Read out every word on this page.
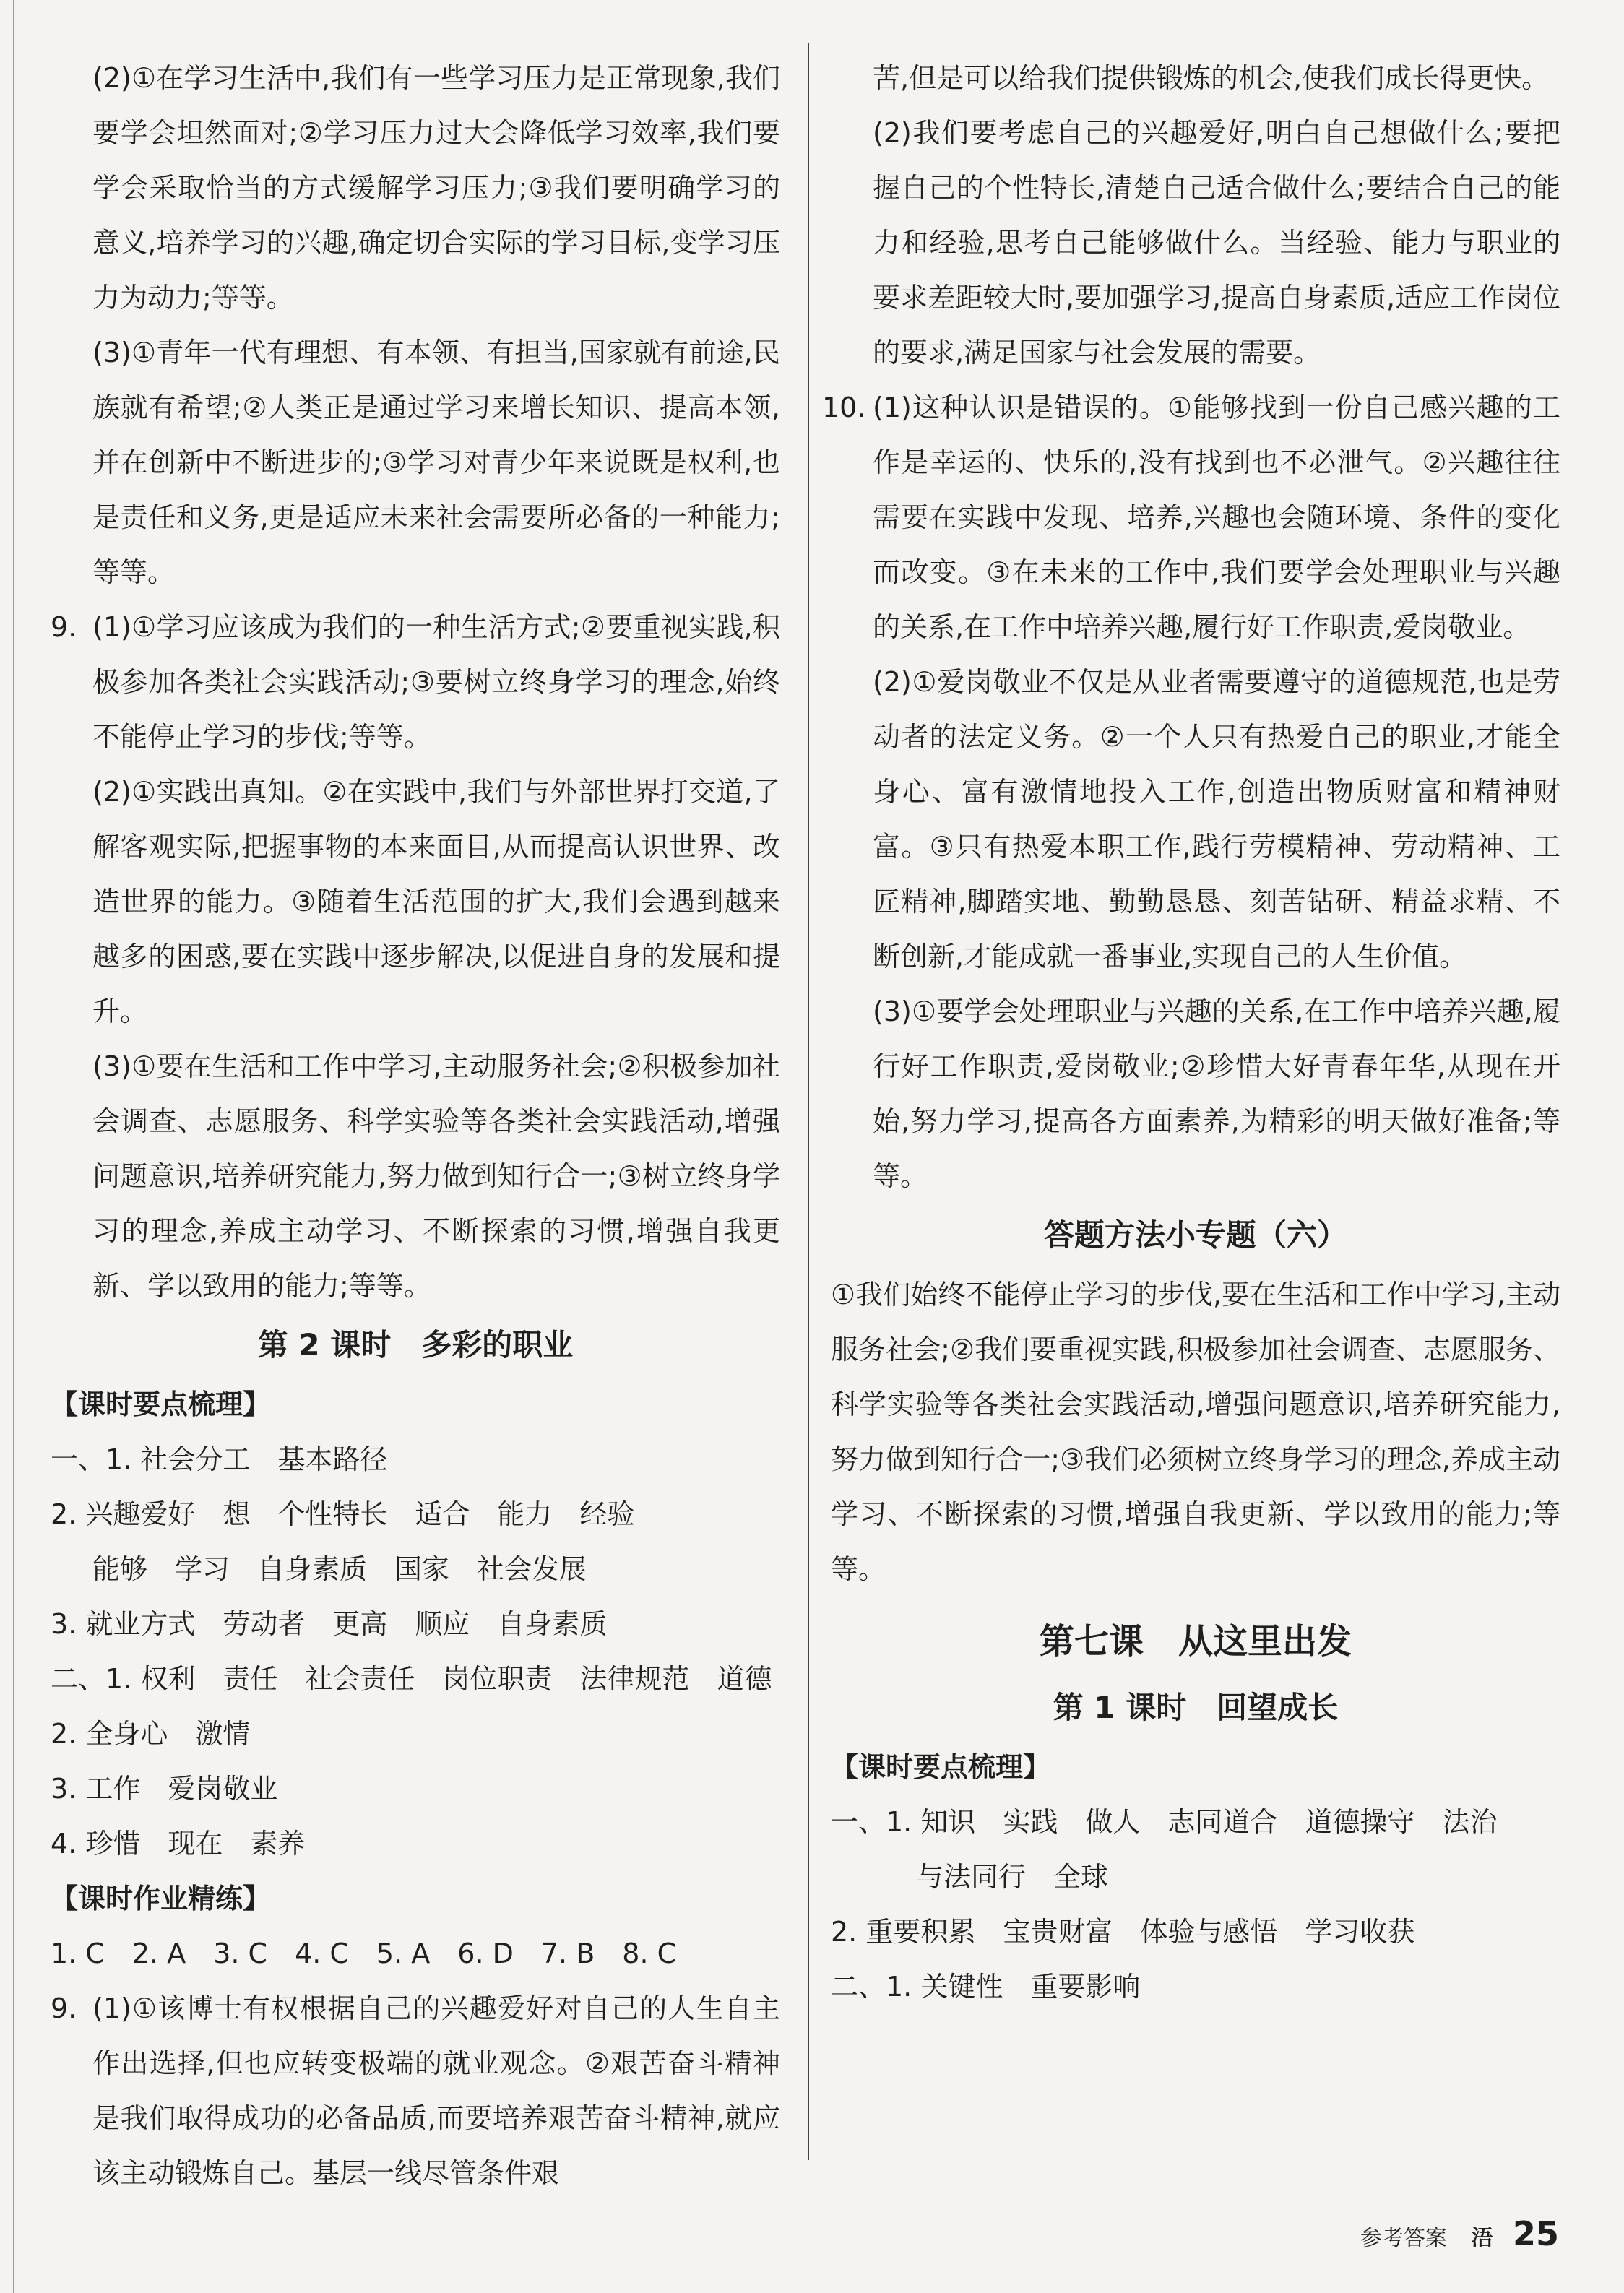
(2)①在学习生活中,我们有一些学习压力是正常现象,我们要学会坦然面对;②学习压力过大会降低学习效率,我们要学会采取恰当的方式缓解学习压力;③我们要明确学习的意义,培养学习的兴趣,确定切合实际的学习目标,变学习压力为动力;等等。

(3)①青年一代有理想、有本领、有担当,国家就有前途,民族就有希望;②人类正是通过学习来增长知识、提高本领,并在创新中不断进步的;③学习对青少年来说既是权利,也是责任和义务,更是适应未来社会需要所必备的一种能力;等等。

9. (1)①学习应该成为我们的一种生活方式;②要重视实践,积极参加各类社会实践活动;③要树立终身学习的理念,始终不能停止学习的步伐;等等。

(2)①实践出真知。②在实践中,我们与外部世界打交道,了解客观实际,把握事物的本来面目,从而提高认识世界、改造世界的能力。③随着生活范围的扩大,我们会遇到越来越多的困惑,要在实践中逐步解决,以促进自身的发展和提升。

(3)①要在生活和工作中学习,主动服务社会;②积极参加社会调查、志愿服务、科学实验等各类社会实践活动,增强问题意识,培养研究能力,努力做到知行合一;③树立终身学习的理念,养成主动学习、不断探索的习惯,增强自我更新、学以致用的能力;等等。

第 2 课时　多彩的职业

【课时要点梳理】

一、1. 社会分工　基本路径

2. 兴趣爱好　想　个性特长　适合　能力　经验

能够　学习　自身素质　国家　社会发展

3. 就业方式　劳动者　更高　顺应　自身素质

二、1. 权利　责任　社会责任　岗位职责　法律规范　道德

2. 全身心　激情

3. 工作　爱岗敬业

4. 珍惜　现在　素养

【课时作业精练】

1. C　2. A　3. C　4. C　5. A　6. D　7. B　8. C

9. (1)①该博士有权根据自己的兴趣爱好对自己的人生自主作出选择,但也应转变极端的就业观念。②艰苦奋斗精神是我们取得成功的必备品质,而要培养艰苦奋斗精神,就应该主动锻炼自己。基层一线尽管条件艰

苦,但是可以给我们提供锻炼的机会,使我们成长得更快。

(2)我们要考虑自己的兴趣爱好,明白自己想做什么;要把握自己的个性特长,清楚自己适合做什么;要结合自己的能力和经验,思考自己能够做什么。当经验、能力与职业的要求差距较大时,要加强学习,提高自身素质,适应工作岗位的要求,满足国家与社会发展的需要。

10. (1)这种认识是错误的。①能够找到一份自己感兴趣的工作是幸运的、快乐的,没有找到也不必泄气。②兴趣往往需要在实践中发现、培养,兴趣也会随环境、条件的变化而改变。③在未来的工作中,我们要学会处理职业与兴趣的关系,在工作中培养兴趣,履行好工作职责,爱岗敬业。

(2)①爱岗敬业不仅是从业者需要遵守的道德规范,也是劳动者的法定义务。②一个人只有热爱自己的职业,才能全身心、富有激情地投入工作,创造出物质财富和精神财富。③只有热爱本职工作,践行劳模精神、劳动精神、工匠精神,脚踏实地、勤勤恳恳、刻苦钻研、精益求精、不断创新,才能成就一番事业,实现自己的人生价值。

(3)①要学会处理职业与兴趣的关系,在工作中培养兴趣,履行好工作职责,爱岗敬业;②珍惜大好青春年华,从现在开始,努力学习,提高各方面素养,为精彩的明天做好准备;等等。

答题方法小专题（六）

①我们始终不能停止学习的步伐,要在生活和工作中学习,主动服务社会;②我们要重视实践,积极参加社会调查、志愿服务、科学实验等各类社会实践活动,增强问题意识,培养研究能力,努力做到知行合一;③我们必须树立终身学习的理念,养成主动学习、不断探索的习惯,增强自我更新、学以致用的能力;等等。

第七课　从这里出发
第 1 课时　回望成长

【课时要点梳理】

一、1. 知识　实践　做人　志同道合　道德操守　法治

与法同行　全球

2. 重要积累　宝贵财富　体验与感悟　学习收获

二、1. 关键性　重要影响

参考答案 浯 25
